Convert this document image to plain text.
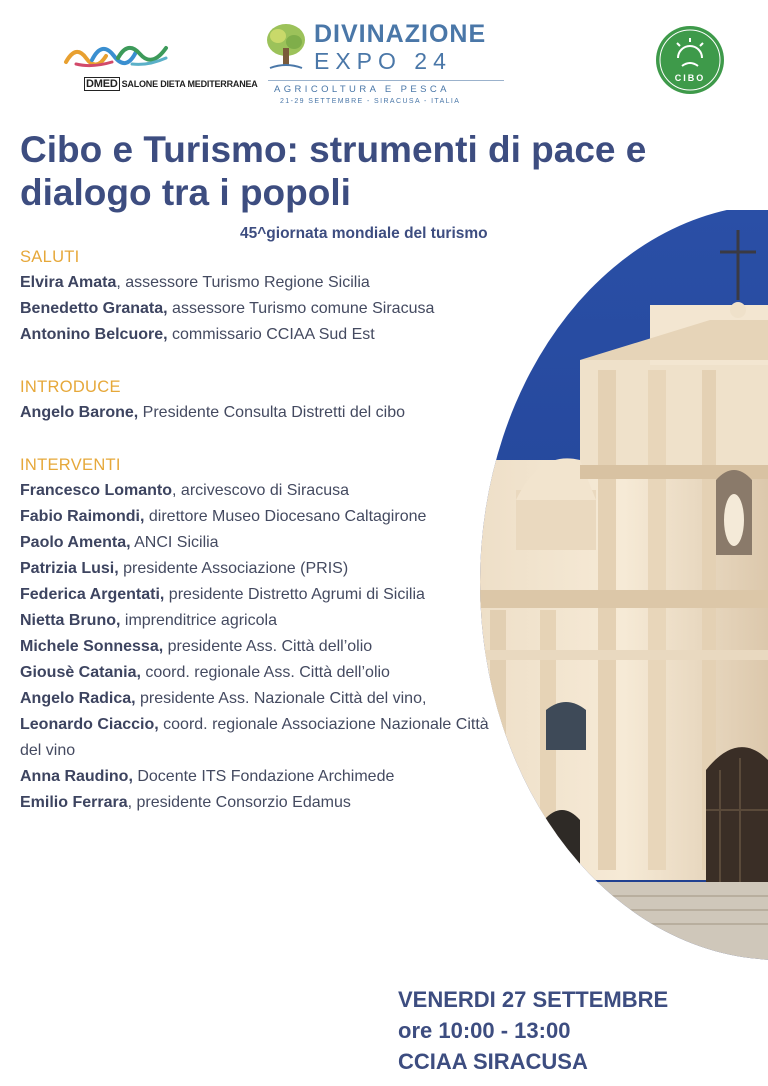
DMED SALONE DIETA MEDITERRANEA
DIVINAZIONE
EXPO 24
AGRICOLTURA E PESCA
21-29 SETTEMBRE - SIRACUSA - ITALIA
CIBO
Cibo e Turismo: strumenti di pace e dialogo tra i popoli
45^giornata mondiale del turismo
SALUTI
Elvira Amata, assessore Turismo Regione Sicilia
Benedetto Granata, assessore Turismo comune Siracusa
Antonino Belcuore, commissario CCIAA Sud Est
INTRODUCE
Angelo Barone, Presidente Consulta Distretti del cibo
INTERVENTI
Francesco Lomanto, arcivescovo di Siracusa
Fabio Raimondi, direttore Museo Diocesano Caltagirone
Paolo Amenta, ANCI Sicilia
Patrizia Lusi, presidente Associazione (PRIS)
Federica Argentati, presidente Distretto Agrumi di Sicilia
Nietta Bruno, imprenditrice agricola
Michele Sonnessa, presidente Ass. Città dell’olio
Giousè Catania, coord. regionale Ass. Città dell’olio
Angelo Radica, presidente Ass. Nazionale Città del vino,
Leonardo Ciaccio, coord. regionale Associazione Nazionale Città del vino
Anna Raudino, Docente ITS Fondazione Archimede
Emilio Ferrara, presidente Consorzio Edamus
VENERDI 27 SETTEMBRE
ore 10:00 - 13:00
CCIAA SIRACUSA
